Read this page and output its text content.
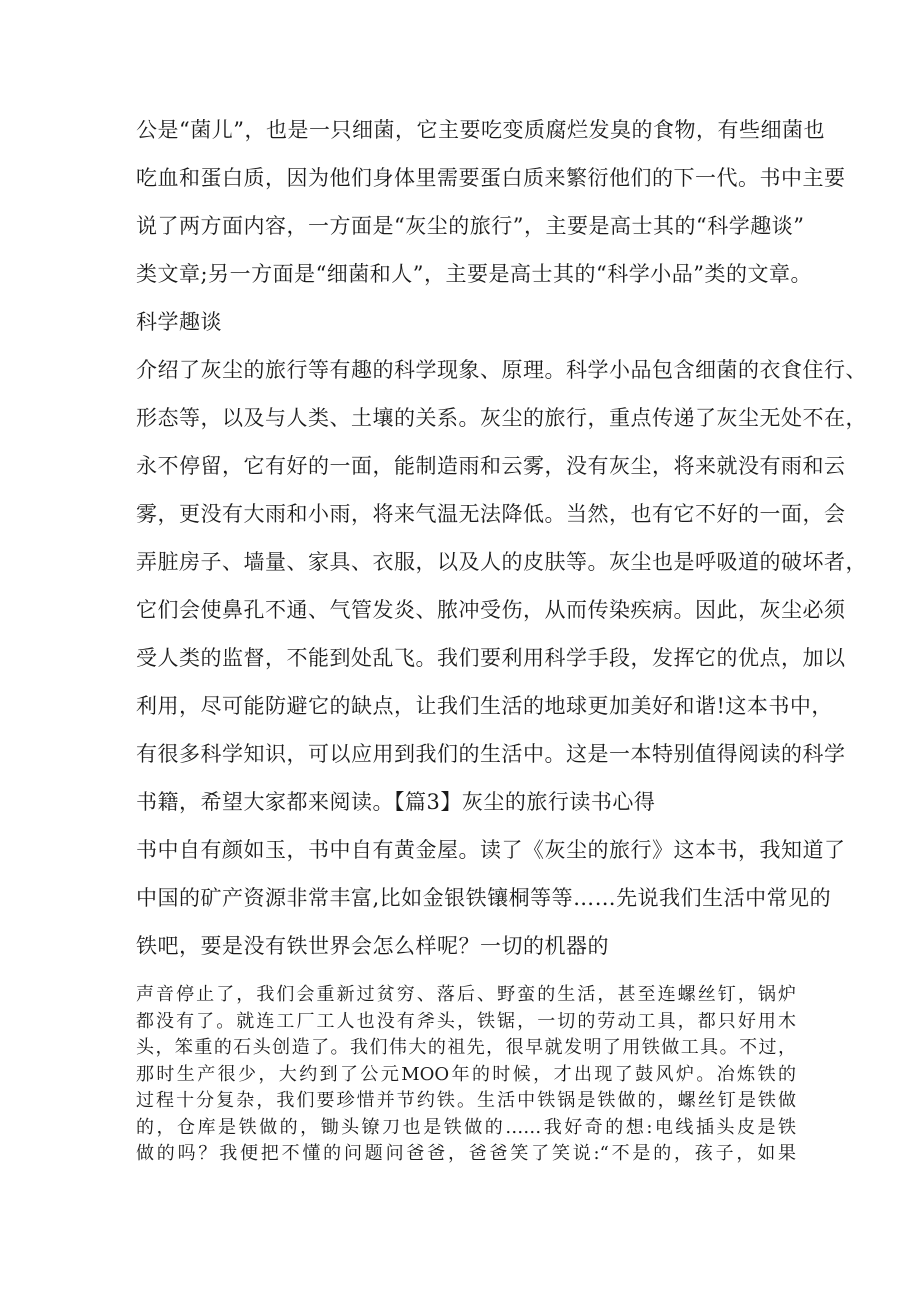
公是“菌儿”，也是一只细菌，它主要吃变质腐烂发臭的食物，有些细菌也
吃血和蛋白质，因为他们身体里需要蛋白质来繁衍他们的下一代。书中主要
说了两方面内容，一方面是“灰尘的旅行”，主要是高士其的“科学趣谈”
类文章;另一方面是“细菌和人”，主要是高士其的“科学小品”类的文章。
科学趣谈
介绍了灰尘的旅行等有趣的科学现象、原理。科学小品包含细菌的衣食住行、
形态等，以及与人类、土壤的关系。灰尘的旅行，重点传递了灰尘无处不在，
永不停留，它有好的一面，能制造雨和云雾，没有灰尘，将来就没有雨和云
雾，更没有大雨和小雨，将来气温无法降低。当然，也有它不好的一面，会
弄脏房子、墙量、家具、衣服，以及人的皮肤等。灰尘也是呼吸道的破坏者，
它们会使鼻孔不通、气管发炎、脓冲受伤，从而传染疾病。因此，灰尘必须
受人类的监督，不能到处乱飞。我们要利用科学手段，发挥它的优点，加以
利用，尽可能防避它的缺点，让我们生活的地球更加美好和谐!这本书中，
有很多科学知识，可以应用到我们的生活中。这是一本特别值得阅读的科学
书籍，希望大家都来阅读。【篇3】灰尘的旅行读书心得
书中自有颜如玉，书中自有黄金屋。读了《灰尘的旅行》这本书，我知道了
中国的矿产资源非常丰富,比如金银铁镶桐等等……先说我们生活中常见的
铁吧，要是没有铁世界会怎么样呢？一切的机器的
声音停止了，我们会重新过贫穷、落后、野蛮的生活，甚至连螺丝钉，锅炉
都没有了。就连工厂工人也没有斧头，铁锯，一切的劳动工具，都只好用木
头，笨重的石头创造了。我们伟大的祖先，很早就发明了用铁做工具。不过，
那时生产很少，大约到了公元MOO年的时候，才出现了鼓风炉。冶炼铁的
过程十分复杂，我们要珍惜并节约铁。生活中铁锅是铁做的，螺丝钉是铁做
的，仓库是铁做的，锄头镣刀也是铁做的……我好奇的想:电线插头皮是铁
做的吗？我便把不懂的问题问爸爸，爸爸笑了笑说:“不是的，孩子，如果
